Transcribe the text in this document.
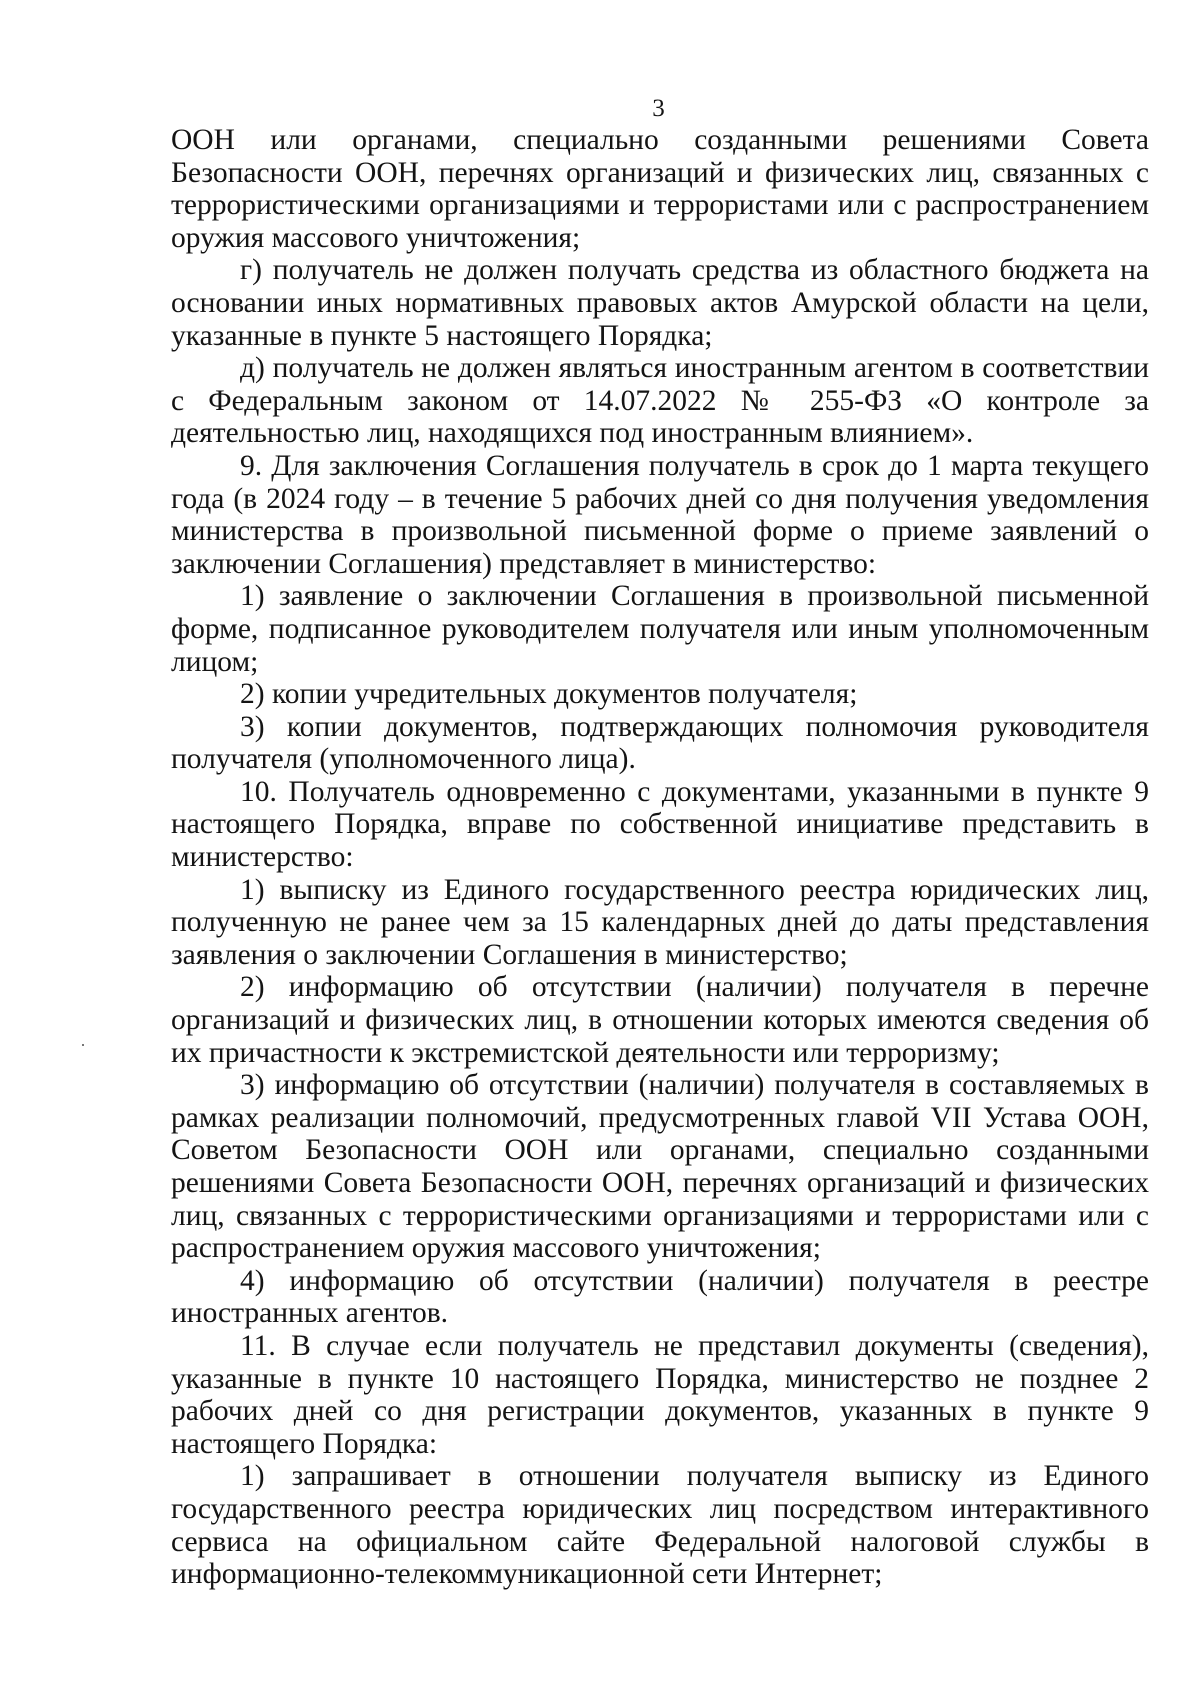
3

ООН или органами, специально созданными решениями Совета Безопасности ООН, перечнях организаций и физических лиц, связанных с террористическими организациями и террористами или с распространением оружия массового уничтожения;

г) получатель не должен получать средства из областного бюджета на основании иных нормативных правовых актов Амурской области на цели, указанные в пункте 5 настоящего Порядка;

д) получатель не должен являться иностранным агентом в соответствии с Федеральным законом от 14.07.2022 № 255-ФЗ «О контроле за деятельностью лиц, находящихся под иностранным влиянием».

9. Для заключения Соглашения получатель в срок до 1 марта текущего года (в 2024 году – в течение 5 рабочих дней со дня получения уведомления министерства в произвольной письменной форме о приеме заявлений о заключении Соглашения) представляет в министерство:

1) заявление о заключении Соглашения в произвольной письменной форме, подписанное руководителем получателя или иным уполномоченным лицом;

2) копии учредительных документов получателя;

3) копии документов, подтверждающих полномочия руководителя получателя (уполномоченного лица).

10. Получатель одновременно с документами, указанными в пункте 9 настоящего Порядка, вправе по собственной инициативе представить в министерство:

1) выписку из Единого государственного реестра юридических лиц, полученную не ранее чем за 15 календарных дней до даты представления заявления о заключении Соглашения в министерство;

2) информацию об отсутствии (наличии) получателя в перечне организаций и физических лиц, в отношении которых имеются сведения об их причастности к экстремистской деятельности или терроризму;

3) информацию об отсутствии (наличии) получателя в составляемых в рамках реализации полномочий, предусмотренных главой VII Устава ООН, Советом Безопасности ООН или органами, специально созданными решениями Совета Безопасности ООН, перечнях организаций и физических лиц, связанных с террористическими организациями и террористами или с распространением оружия массового уничтожения;

4) информацию об отсутствии (наличии) получателя в реестре иностранных агентов.

11. В случае если получатель не представил документы (сведения), указанные в пункте 10 настоящего Порядка, министерство не позднее 2 рабочих дней со дня регистрации документов, указанных в пункте 9 настоящего Порядка:

1) запрашивает в отношении получателя выписку из Единого государственного реестра юридических лиц посредством интерактивного сервиса на официальном сайте Федеральной налоговой службы в информационно-телекоммуникационной сети Интернет;
